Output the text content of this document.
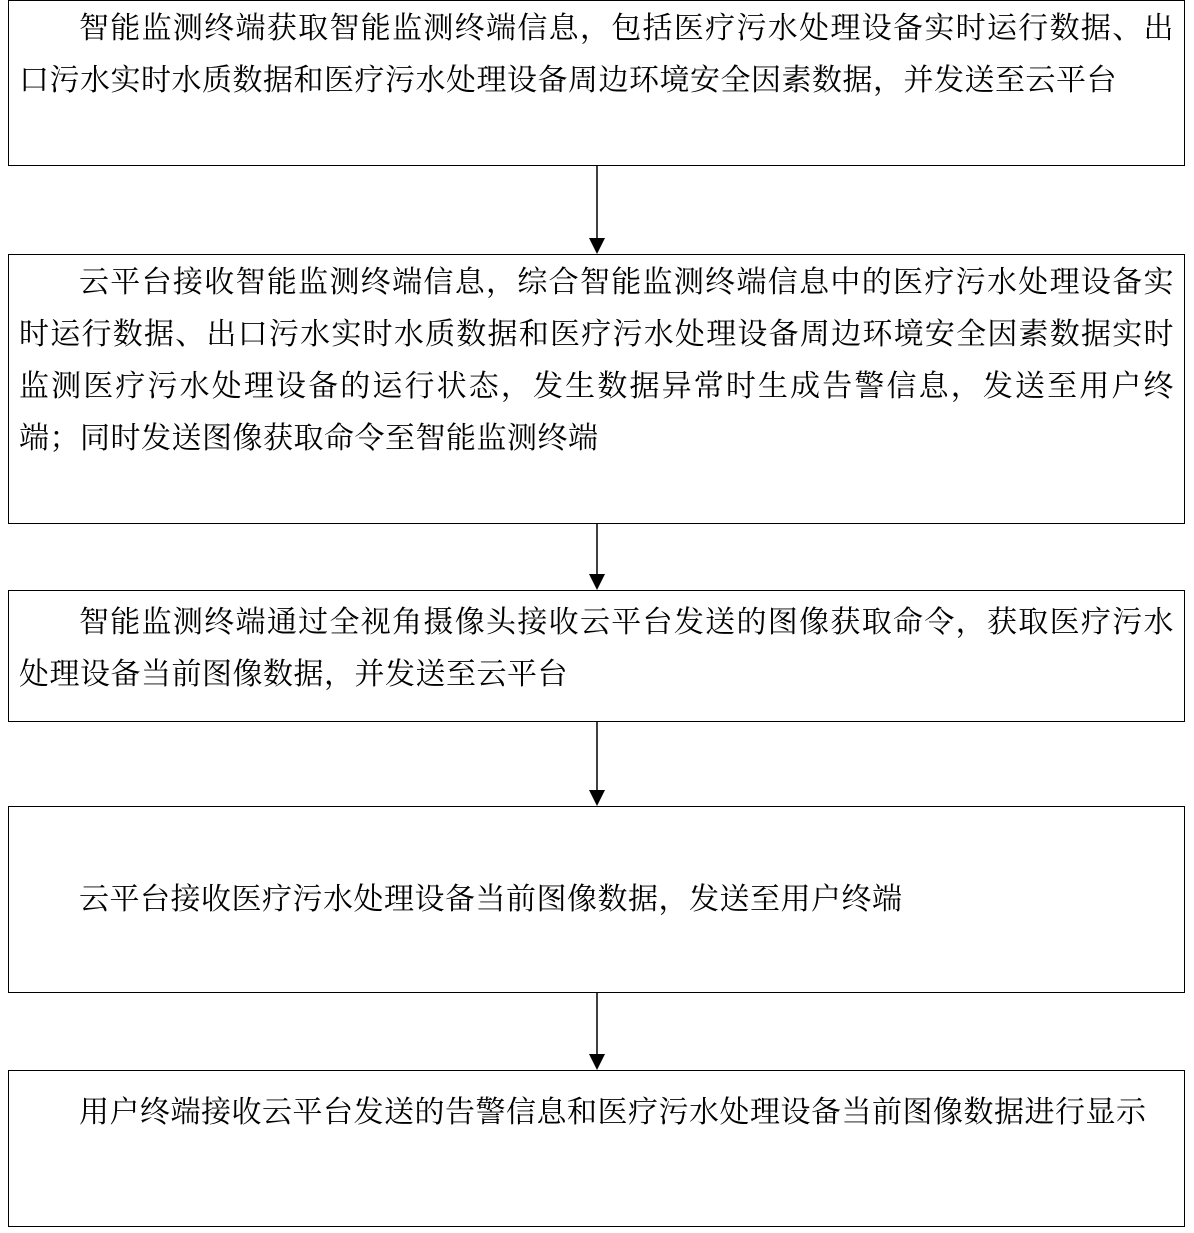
智能监测终端获取智能监测终端信息，包括医疗污水处理设备实时运行数据、出口污水实时水质数据和医疗污水处理设备周边环境安全因素数据，并发送至云平台

云平台接收智能监测终端信息，综合智能监测终端信息中的医疗污水处理设备实时运行数据、出口污水实时水质数据和医疗污水处理设备周边环境安全因素数据实时监测医疗污水处理设备的运行状态，发生数据异常时生成告警信息，发送至用户终端；同时发送图像获取命令至智能监测终端

智能监测终端通过全视角摄像头接收云平台发送的图像获取命令，获取医疗污水处理设备当前图像数据，并发送至云平台

云平台接收医疗污水处理设备当前图像数据，发送至用户终端

用户终端接收云平台发送的告警信息和医疗污水处理设备当前图像数据进行显示
